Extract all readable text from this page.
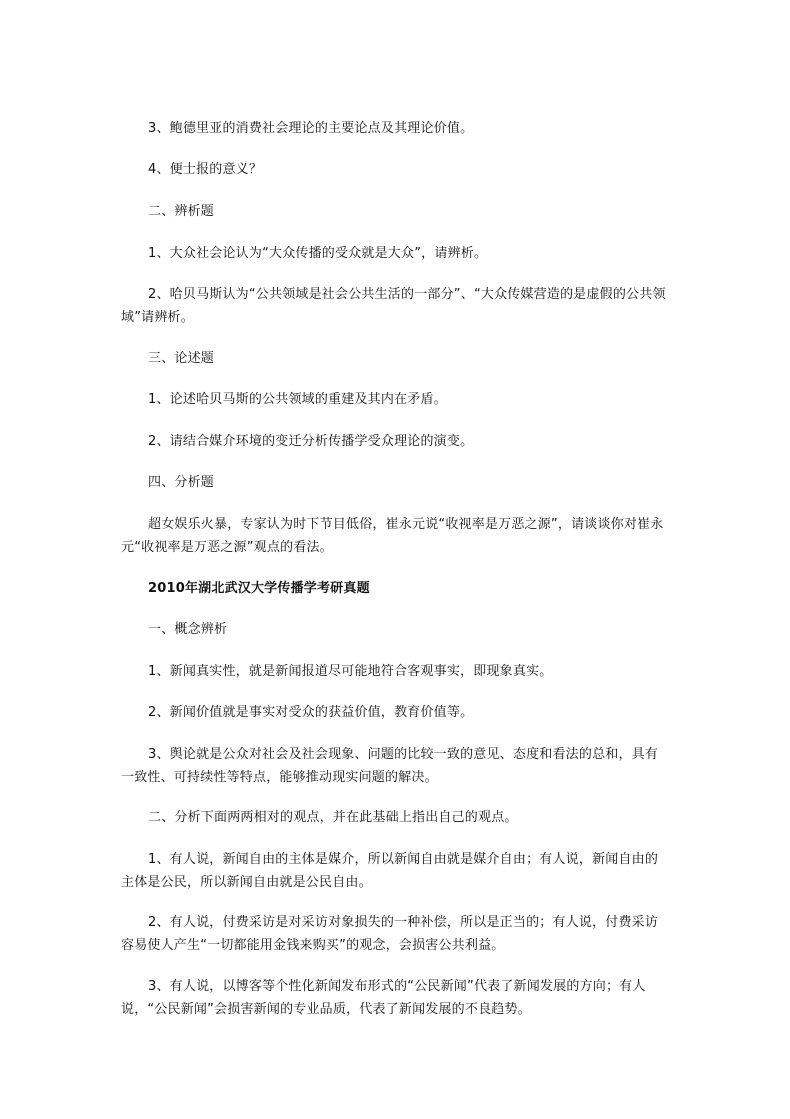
3、鲍德里亚的消费社会理论的主要论点及其理论价值。

4、便士报的意义？

二、辨析题

1、大众社会论认为“大众传播的受众就是大众”，请辨析。

2、哈贝马斯认为“公共领域是社会公共生活的一部分”、“大众传媒营造的是虚假的公共领域”请辨析。

三、论述题

1、论述哈贝马斯的公共领域的重建及其内在矛盾。

2、请结合媒介环境的变迁分析传播学受众理论的演变。

四、分析题

超女娱乐火暴，专家认为时下节目低俗，崔永元说“收视率是万恶之源”，请谈谈你对崔永元“收视率是万恶之源”观点的看法。

2010年湖北武汉大学传播学考研真题

一、概念辨析

1、新闻真实性，就是新闻报道尽可能地符合客观事实，即现象真实。

2、新闻价值就是事实对受众的获益价值，教育价值等。

3、舆论就是公众对社会及社会现象、问题的比较一致的意见、态度和看法的总和，具有一致性、可持续性等特点，能够推动现实问题的解决。

二、分析下面两两相对的观点，并在此基础上指出自己的观点。

1、有人说，新闻自由的主体是媒介，所以新闻自由就是媒介自由；有人说，新闻自由的主体是公民，所以新闻自由就是公民自由。

2、有人说，付费采访是对采访对象损失的一种补偿，所以是正当的；有人说，付费采访容易使人产生“一切都能用金钱来购买”的观念，会损害公共利益。

3、有人说，以博客等个性化新闻发布形式的“公民新闻”代表了新闻发展的方向；有人说，“公民新闻”会损害新闻的专业品质，代表了新闻发展的不良趋势。
